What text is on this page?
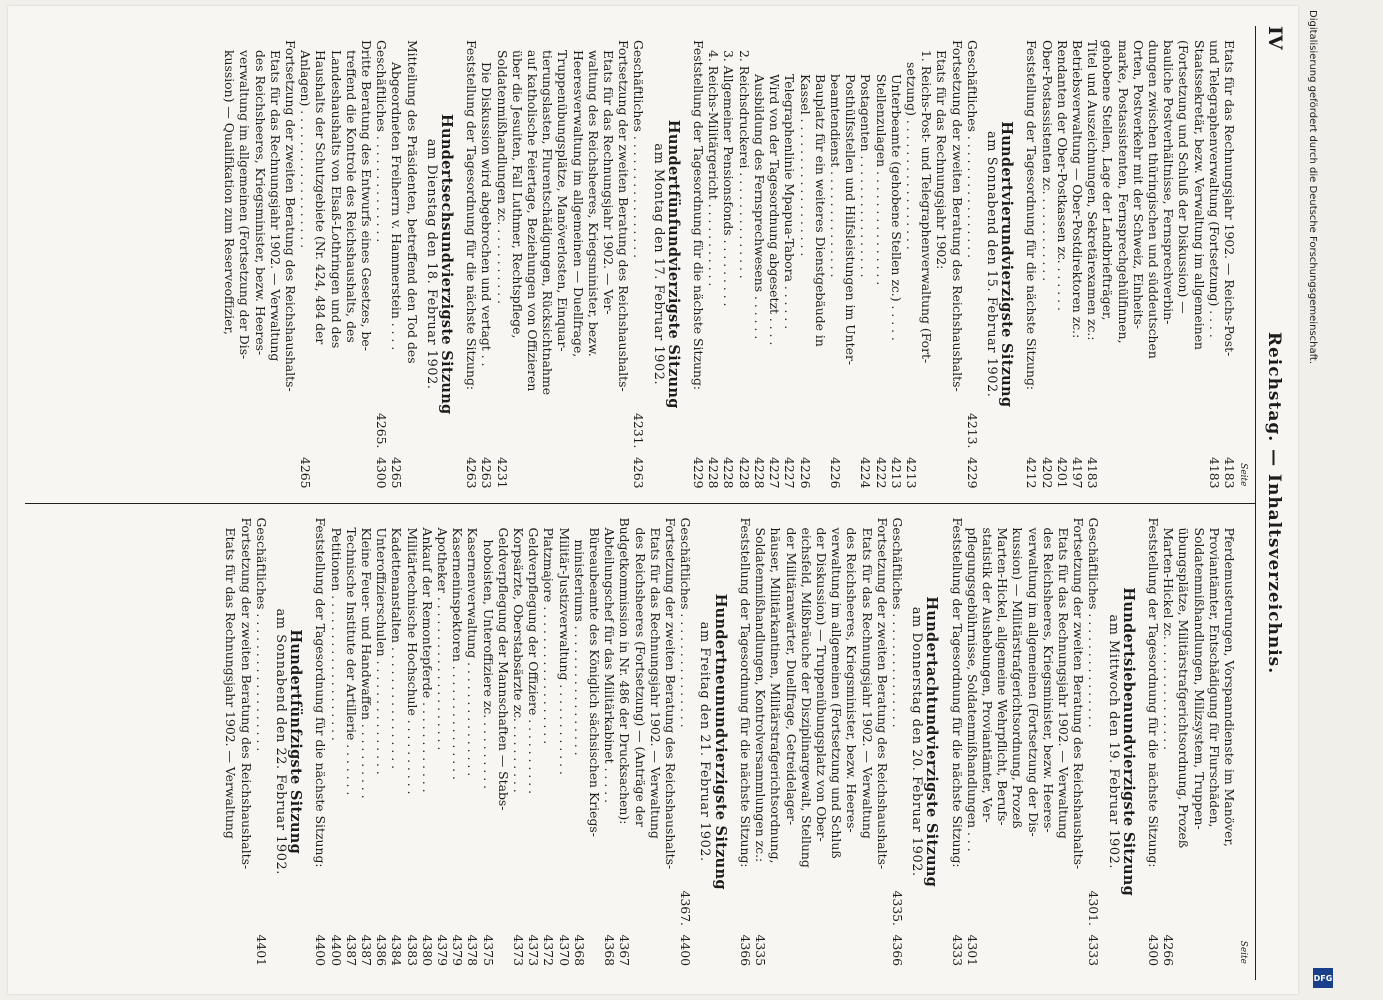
IV
Reichstag. — Inhaltsverzeichnis.
Seite
Etats für das Rechnungsjahr 1902. — Reichs-Post-
4183
und Telegraphenverwaltung (Fortsetzung) . . . .
4183
Staatssekretär, bezw. Verwaltung im allgemeinen
(Fortsetzung und Schluß der Diskussion) —
bauliche Postverhältnisse, Fernsprechverbin-
dungen zwischen thüringischen und süddeutschen
Orten, Postverkehr mit der Schweiz, Einheits-
marke, Postassistenten, Fernsprechgehülfinnen,
gehobene Stellen, Lage der Landbriefträger,
Titel und Auszeichnungen, Sekretärexamen zc.:
4183
Betriebsverwaltung — Ober-Postdirektoren zc.:
4197
Rendanten der Ober-Postkassen zc. . . . . . .
4201
Ober-Postassistenten zc. . . . . . . . . . . .
4202
Feststellung der Tagesordnung für die nächste Sitzung:
4212
Hundertvierundvierzigste Sitzung
am Sonnabend den 15. Februar 1902.
Geschäftliches . . . . . . . . . . . . . . . .
4213.
4229
Fortsetzung der zweiten Beratung des Reichshaushalts-
Etats für das Rechnungsjahr 1902:
1. Reichs-Post- und Telegraphenverwaltung (Fort-
setzung) . . . . . . . . . . . . . . . . .
4213
Unterbeamte (gehobene Stellen zc.) . . . . .
4213
Stellenzulagen . . . . . . . . . . . . . . .
4222
Postagenten . . . . . . . . . . . . . . . .
4224
Posthülfsstellen und Hilfsleistungen im Unter-
beamtendienst . . . . . . . . . . . . . .
4226
Bauplatz für ein weiteres Dienstgebäude in
Kassel . . . . . . . . . . . . . . . . . .
4226
Telegraphenlinie Mpapua-Tabora . . . . . .
4227
Wird von der Tagesordnung abgesetzt . . . .
4227
Ausbildung des Fernsprechwesens . . . . . .
4228
2. Reichsdruckerei . . . . . . . . . . . . . .
4228
3. Allgemeiner Pensionsfonds . . . . . . . . .
4228
4. Reichs-Militärgericht . . . . . . . . . . .
4228
Feststellung der Tagesordnung für die nächste Sitzung:
4229
Hundertfünfundvierzigste Sitzung
am Montag den 17. Februar 1902.
Geschäftliches . . . . . . . . . . . . . . . .
4231.
4263
Fortsetzung der zweiten Beratung des Reichshaushalts-
Etats für das Rechnungsjahr 1902. — Ver-
waltung des Reichsheeres, Kriegsminister, bezw.
Heeresverwaltung im allgemeinen — Duellfrage,
Truppenübungsplätze, Manöverlosten, Einquar-
tierungslasten, Flurentschädigungen, Rücksichtnahme
auf katholische Feiertage, Beziehungen von Offizieren
über die Jesuiten, Fall Luthmer, Rechtspflege,
Soldatenmißhandlungen zc. . . . . . . . . . .
4231
Die Diskussion wird abgebrochen und vertagt . .
4263
Feststellung der Tagesordnung für die nächste Sitzung:
4263
Hundertsechsundvierzigste Sitzung
am Dienstag den 18. Februar 1902.
Mitteilung des Präsidenten, betreffend den Tod des
Abgeordneten Freiherrn v. Hammerstein . . . .
4265
Geschäftliches . . . . . . . . . . . . . .
4265.
4300
Dritte Beratung des Entwurfs eines Gesetzes, be-
treffend die Kontrole des Reichshaushalts, des
Landeshaushalts von Elsaß-Lothringen und des
Haushalts der Schutzgebiete (Nr. 424, 484 der
Anlagen) . . . . . . . . . . . . . . . . . .
4265
Fortsetzung der zweiten Beratung des Reichshaushalts-
Etats für das Rechnungsjahr 1902. — Verwaltung
des Reichsheeres, Kriegsminister, bezw. Heeres-
verwaltung im allgemeinen (Fortsetzung der Dis-
kussion) — Qualifikation zum Reserveoffizier,
Seite
Pferdemusterungen, Vorspanndienste im Manöver,
Proviantämter, Entschädigung für Flurschäden,
Soldatenmißhandlungen, Milizsystem, Truppen-
übungsplätze, Militärstrafgerichtsordnung, Prozeß
Marten-Hickel zc. . . . . . . . . . . . . . .
4266
Feststellung der Tagesordnung für die nächste Sitzung:
4300
Hundertsiebenundvierzigste Sitzung
am Mittwoch den 19. Februar 1902.
Geschäftliches . . . . . . . . . . . . . . .
4301.
4333
Fortsetzung der zweiten Beratung des Reichshaushalts-
Etats für das Rechnungsjahr 1902. — Verwaltung
des Reichsheeres, Kriegsminister, bezw. Heeres-
verwaltung im allgemeinen (Fortsetzung der Dis-
kussion) — Militärstrafgerichtsordnung, Prozeß
Marten-Hickel, allgemeine Wehrpflicht, Berufs-
statistik der Aushebungen, Proviantämter, Ver-
pflegungsgebührnisse, Soldatenmißhandlungen . . .
4301
Feststellung der Tagesordnung für die nächste Sitzung:
4333
Hundertachtundvierzigste Sitzung
am Donnerstag den 20. Februar 1902.
Geschäftliches . . . . . . . . . . . . . . .
4335.
4366
Fortsetzung der zweiten Beratung des Reichshaushalts-
Etats für das Rechnungsjahr 1902. — Verwaltung
des Reichsheeres, Kriegsminister, bezw. Heeres-
verwaltung im allgemeinen (Fortsetzung und Schluß
der Diskussion) — Truppenübungsplatz von Ober-
eichsfeld, Mißbräuche der Disziplinargewalt, Stellung
der Militäranwärter, Duellfrage, Getreidelager-
häuser, Militärkantinen, Militärstrafgerichtsordnung,
Soldatenmißhandlungen, Kontrolversammlungen zc.:
4335
Feststellung der Tagesordnung für die nächste Sitzung:
4366
Hundertneunundvierzigste Sitzung
am Freitag den 21. Februar 1902.
Geschäftliches . . . . . . . . . . . . . . .
4367.
4400
Fortsetzung der zweiten Beratung des Reichshaushalts-
Etats für das Rechnungsjahr 1902. — Verwaltung
des Reichsheeres (Fortsetzung) — (Anträge der
Budgetkommission in Nr. 486 der Drucksachen):
4367
Abteilungschef für das Militärkabinet . . . . .
4368
Büreaubeamte des Königlich sächsischen Kriegs-
ministeriums . . . . . . . . . . . . . . . . .
4368
Militär-Justizverwaltung . . . . . . . . . . . .
4370
Platzmajore . . . . . . . . . . . . . . . . . .
4372
Geldverpflegung der Offiziere . . . . . . . . . .
4373
Korpsärzte, Oberstabsärzte zc. . . . . . . . . .
4373
Geldverpflegung der Mannschaften — Stabs-
hoboisten, Unteroffiziere zc. . . . . . . . . .
4375
Kasernenverwaltung . . . . . . . . . . . . . . .
4378
Kaserneninspektoren . . . . . . . . . . . . . . .
4379
Apotheker . . . . . . . . . . . . . . . . . . . .
4379
Ankauf der Remontepferde . . . . . . . . . . . .
4380
Militärtechnische Hochschule . . . . . . . . . .
4383
Kadettenanstalten . . . . . . . . . . . . . . . .
4384
Unteroffizierschulen . . . . . . . . . . . . . . .
4386
Kleine Feuer- und Handwaffen . . . . . . . . . .
4387
Technische Institute der Artillerie . . . . . . .
4387
Petitionen . . . . . . . . . . . . . . . . . . .
4400
Feststellung der Tagesordnung für die nächste Sitzung:
4400
Hundertfünfzigste Sitzung
am Sonnabend den 22. Februar 1902.
Geschäftliches . . . . . . . . . . . . . . . . . .
4401
Fortsetzung der zweiten Beratung des Reichshaushalts-
Etats für das Rechnungsjahr 1902. — Verwaltung
Digitalisierung gefördert durch die Deutsche Forschungsgemeinschaft.
DFG
